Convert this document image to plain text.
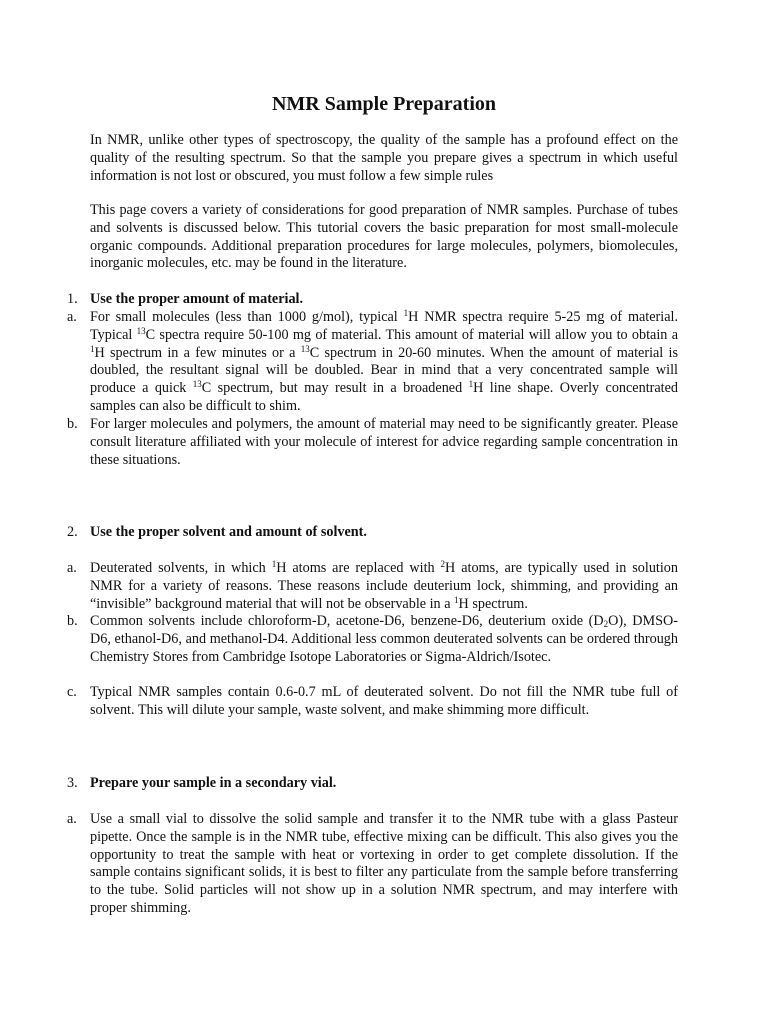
NMR Sample Preparation

In NMR, unlike other types of spectroscopy, the quality of the sample has a profound effect on the quality of the resulting spectrum. So that the sample you prepare gives a spectrum in which useful information is not lost or obscured, you must follow a few simple rules

This page covers a variety of considerations for good preparation of NMR samples. Purchase of tubes and solvents is discussed below. This tutorial covers the basic preparation for most small-molecule organic compounds. Additional preparation procedures for large molecules, polymers, biomolecules, inorganic molecules, etc. may be found in the literature.

1. Use the proper amount of material.
a. For small molecules (less than 1000 g/mol), typical $^1$H NMR spectra require 5-25 mg of material. Typical $^{13}$C spectra require 50-100 mg of material. This amount of material will allow you to obtain a $^1$H spectrum in a few minutes or a $^{13}$C spectrum in 20-60 minutes. When the amount of material is doubled, the resultant signal will be doubled. Bear in mind that a very concentrated sample will produce a quick $^{13}$C spectrum, but may result in a broadened $^1$H line shape. Overly concentrated samples can also be difficult to shim.
b. For larger molecules and polymers, the amount of material may need to be significantly greater. Please consult literature affiliated with your molecule of interest for advice regarding sample concentration in these situations.
2. Use the proper solvent and amount of solvent.
a. Deuterated solvents, in which $^1$H atoms are replaced with $^2$H atoms, are typically used in solution NMR for a variety of reasons. These reasons include deuterium lock, shimming, and providing an “invisible” background material that will not be observable in a $^1$H spectrum.
b. Common solvents include chloroform-D, acetone-D6, benzene-D6, deuterium oxide $(D_2O)$, DMSO-D6, ethanol-D6, and methanol-D4. Additional less common deuterated solvents can be ordered through Chemistry Stores from Cambridge Isotope Laboratories or Sigma-Aldrich/Isotec.
c. Typical NMR samples contain 0.6-0.7 mL of deuterated solvent. Do not fill the NMR tube full of solvent. This will dilute your sample, waste solvent, and make shimming more difficult.
3. Prepare your sample in a secondary vial.
a. Use a small vial to dissolve the solid sample and transfer it to the NMR tube with a glass Pasteur pipette. Once the sample is in the NMR tube, effective mixing can be difficult. This also gives you the opportunity to treat the sample with heat or vortexing in order to get complete dissolution. If the sample contains significant solids, it is best to filter any particulate from the sample before transferring to the tube. Solid particles will not show up in a solution NMR spectrum, and may interfere with proper shimming.
